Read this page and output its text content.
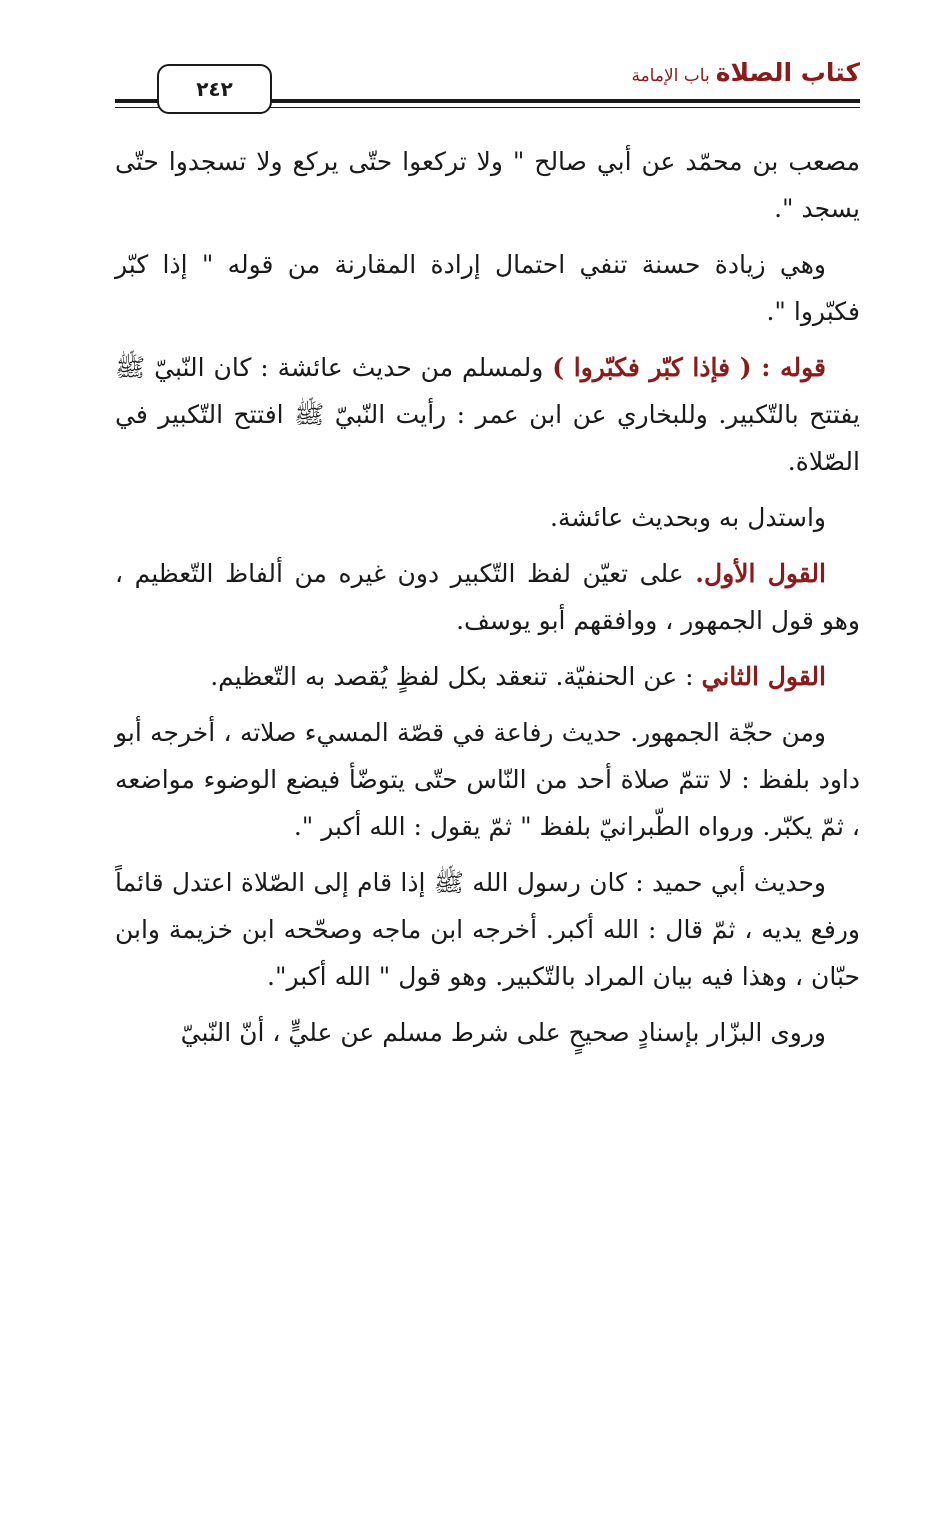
٢٤٢
كتاب الصلاةباب الإمامة

مصعب بن محمّد عن أبي صالح " ولا تركعوا حتّى يركع ولا تسجدوا حتّى يسجد ".

وهي زيادة حسنة تنفي احتمال إرادة المقارنة من قوله " إذا كبّر فكبّروا ".

قوله : ( فإذا كبّر فكبّروا ) ولمسلم من حديث عائشة : كان النّبيّ ﷺ يفتتح بالتّكبير. وللبخاري عن ابن عمر : رأيت النّبيّ ﷺ افتتح التّكبير في الصّلاة.

واستدل به وبحديث عائشة.

القول الأول. على تعيّن لفظ التّكبير دون غيره من ألفاظ التّعظيم ، وهو قول الجمهور ، ووافقهم أبو يوسف.

القول الثاني : عن الحنفيّة. تنعقد بكل لفظٍ يُقصد به التّعظيم.

ومن حجّة الجمهور. حديث رفاعة في قصّة المسيء صلاته ، أخرجه أبو داود بلفظ : لا تتمّ صلاة أحد من النّاس حتّى يتوضّأ فيضع الوضوء مواضعه ، ثمّ يكبّر. ورواه الطّبرانيّ بلفظ " ثمّ يقول : الله أكبر ".

وحديث أبي حميد : كان رسول الله ﷺ إذا قام إلى الصّلاة اعتدل قائماً ورفع يديه ، ثمّ قال : الله أكبر. أخرجه ابن ماجه وصحّحه ابن خزيمة وابن حبّان ، وهذا فيه بيان المراد بالتّكبير. وهو قول " الله أكبر".

وروى البزّار بإسنادٍ صحيحٍ على شرط مسلم عن عليٍّ ، أنّ النّبيّ
